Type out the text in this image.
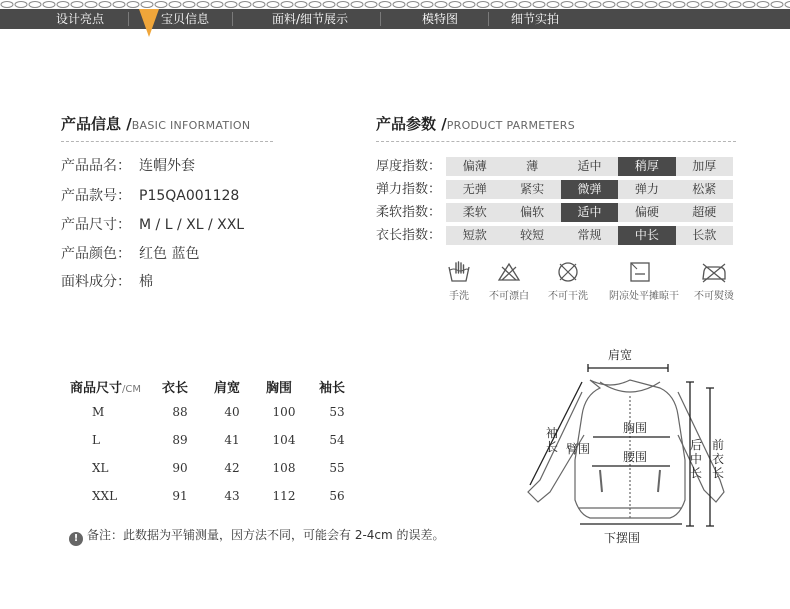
设计亮点	宝贝信息	面料/细节展示	模特图	细节实拍
产品信息 /BASIC INFORMATION
产品品名： 连帽外套
产品款号： P15QA001128
产品尺寸： M / L / XL / XXL
产品颜色： 红色 蓝色
面料成分： 棉
产品参数 /PRODUCT PARMETERS
厚度指数：	偏薄	薄	适中	稍厚	加厚
弹力指数：	无弹	紧实	微弹	弹力	松紧
柔软指数：	柔软	偏软	适中	偏硬	超硬
衣长指数：	短款	较短	常规	中长	长款
手洗	不可漂白	不可干洗	阴凉处平摊晾干	不可熨烫
商品尺寸/CM 衣长 肩宽 胸围 袖长
M	88	40	100	53
L	89	41	104	54
XL	90	42	108	55
XXL	91	43	112	56
! 备注：此数据为平铺测量，因方法不同，可能会有 2-4cm 的误差。
肩宽
袖长
胸围
臂围
腰围
下摆围
后中长
前衣长
